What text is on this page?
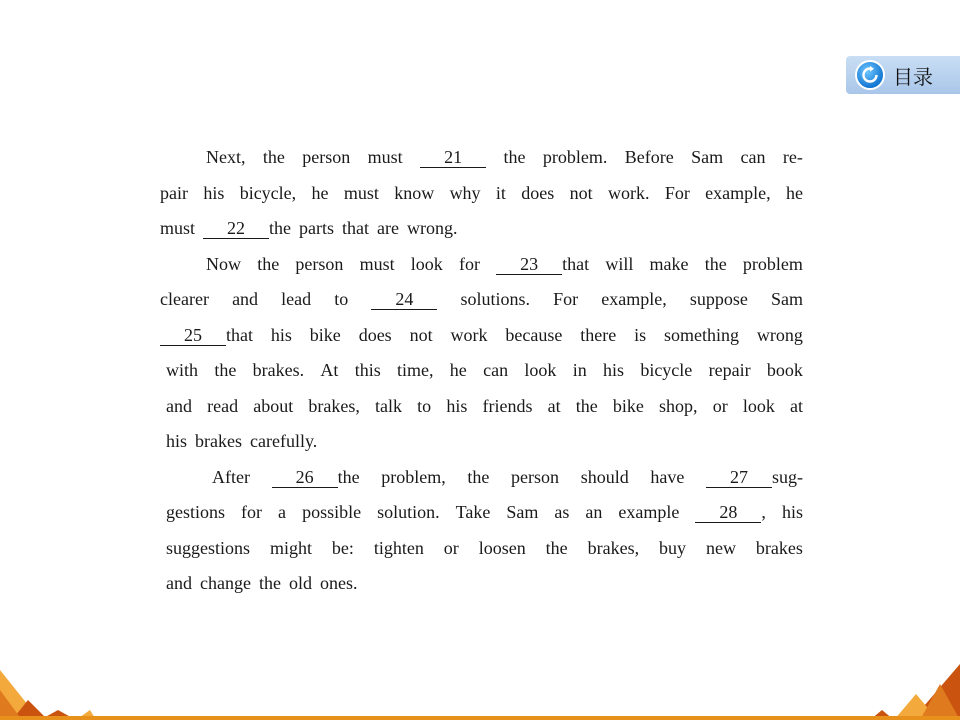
目录
Next, the person must	21	the problem. Before Sam can re-
pair his bicycle, he must know why it does not work. For example, he
must	22 the parts that are wrong.
Now the person must look for	23 that will make the problem
clearer and lead to	24	solutions. For example, suppose Sam
25 that his bike does not work because there is something wrong
with the brakes. At this time, he can look in his bicycle repair book
and read about brakes, talk to his friends at the bike shop, or look at
his brakes carefully.
After	26 the problem, the person should have	27 sug-
gestions for a possible solution. Take Sam as an example	28 , his
suggestions might be: tighten or loosen the brakes, buy new brakes
and change the old ones.
